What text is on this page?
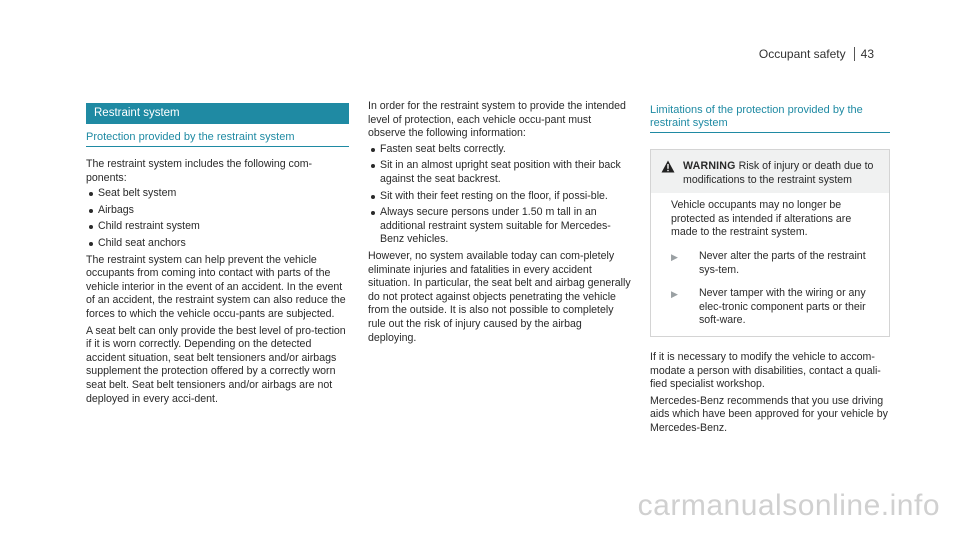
Occupant safety	43
Restraint system
Protection provided by the restraint system

The restraint system includes the following com-ponents:

Seat belt system
Airbags
Child restraint system
Child seat anchors

The restraint system can help prevent the vehicle occupants from coming into contact with parts of the vehicle interior in the event of an accident. In the event of an accident, the restraint system can also reduce the forces to which the vehicle occu-pants are subjected.

A seat belt can only provide the best level of pro-tection if it is worn correctly. Depending on the detected accident situation, seat belt tensioners and/or airbags supplement the protection offered by a correctly worn seat belt. Seat belt tensioners and/or airbags are not deployed in every acci-dent.

In order for the restraint system to provide the intended level of protection, each vehicle occu-pant must observe the following information:

Fasten seat belts correctly.
Sit in an almost upright seat position with their back against the seat backrest.
Sit with their feet resting on the floor, if possi-ble.
Always secure persons under 1.50 m tall in an additional restraint system suitable for Mercedes-Benz vehicles.

However, no system available today can com-pletely eliminate injuries and fatalities in every accident situation. In particular, the seat belt and airbag generally do not protect against objects penetrating the vehicle from the outside. It is also not possible to completely rule out the risk of injury caused by the airbag deploying.

Limitations of the protection provided by the restraint system
WARNING Risk of injury or death due to modifications to the restraint system

Vehicle occupants may no longer be protected as intended if alterations are made to the restraint system.

▶	Never alter the parts of the restraint sys-tem.
▶	Never tamper with the wiring or any elec-tronic component parts or their soft-ware.

If it is necessary to modify the vehicle to accom-modate a person with disabilities, contact a quali-fied specialist workshop.

Mercedes-Benz recommends that you use driving aids which have been approved for your vehicle by Mercedes-Benz.

carmanualsonline.info
